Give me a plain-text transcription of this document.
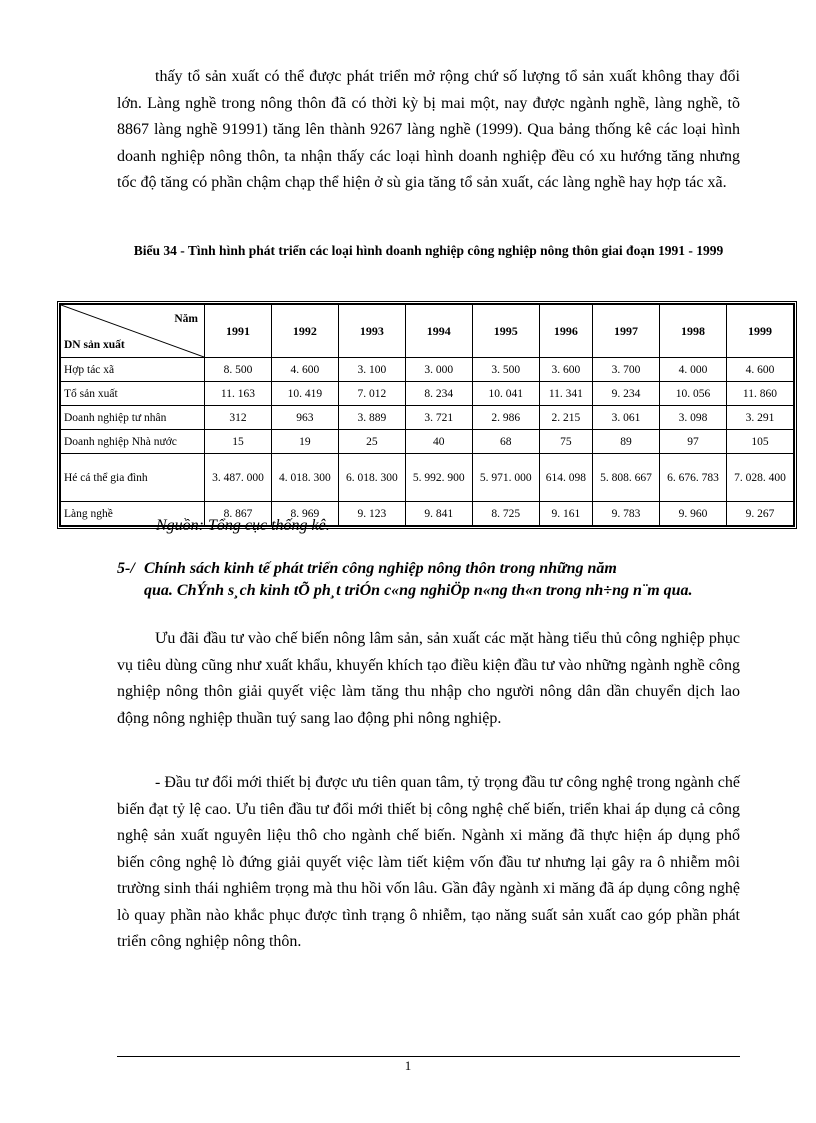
thấy tổ sản xuất có thể được phát triển mở rộng chứ số lượng tổ sản xuất không thay đổi lớn. Làng nghề trong nông thôn đã có thời kỳ bị mai một, nay được ngành nghề, làng nghề, tõ 8867 làng nghề 91991) tăng lên thành 9267 làng nghề (1999). Qua bảng thống kê các loại hình doanh nghiệp nông thôn, ta nhận thấy các loại hình doanh nghiệp đều có xu hướng tăng nhưng tốc độ tăng có phần chậm chạp thể hiện ở sù gia tăng tổ sản xuất, các làng nghề hay hợp tác xã.

Biểu 34 - Tình hình phát triển các loại hình doanh nghiệp công nghiệp nông thôn giai đoạn 1991 - 1999

Năm
DN sản xuất	1991	1992	1993	1994	1995	1996	1997	1998	1999
Hợp tác xã	8. 500	4. 600	3. 100	3. 000	3. 500	3. 600	3. 700	4. 000	4. 600
Tổ sản xuất	11. 163	10. 419	7. 012	8. 234	10. 041	11. 341	9. 234	10. 056	11. 860
Doanh nghiệp tư nhân	312	963	3. 889	3. 721	2. 986	2. 215	3. 061	3. 098	3. 291
Doanh nghiệp Nhà nước	15	19	25	40	68	75	89	97	105
Hé cá thể gia đình	3. 487. 000	4. 018. 300	6. 018. 300	5. 992. 900	5. 971. 000	614. 098	5. 808. 667	6. 676. 783	7. 028. 400
Làng nghề	8. 867	8. 969	9. 123	9. 841	8. 725	9. 161	9. 783	9. 960	9. 267

Nguồn: Tổng cục thống kê.

5-/ Chính sách kinh tế phát triển công nghiệp nông thôn trong những năm
qua. ChÝnh s¸ch kinh tÕ ph¸t triÓn c«ng nghiÖp n«ng th«n trong nh÷ng n¨m qua.

Ưu đãi đầu tư vào chế biến nông lâm sản, sản xuất các mặt hàng tiểu thủ công nghiệp phục vụ tiêu dùng cũng như xuất khẩu, khuyến khích tạo điều kiện đầu tư vào những ngành nghề công nghiệp nông thôn giải quyết việc làm tăng thu nhập cho người nông dân dần chuyển dịch lao động nông nghiệp thuần tuý sang lao động phi nông nghiệp.

- Đầu tư đổi mới thiết bị được ưu tiên quan tâm, tỷ trọng đầu tư công nghệ trong ngành chế biến đạt tỷ lệ cao. Ưu tiên đầu tư đổi mới thiết bị công nghệ chế biến, triển khai áp dụng cả công nghệ sản xuất nguyên liệu thô cho ngành chế biến. Ngành xi măng đã thực hiện áp dụng phổ biến công nghệ lò đứng giải quyết việc làm tiết kiệm vốn đầu tư nhưng lại gây ra ô nhiễm môi trường sinh thái nghiêm trọng mà thu hồi vốn lâu. Gần đây ngành xi măng đã áp dụng công nghệ lò quay phần nào khắc phục được tình trạng ô nhiễm, tạo năng suất sản xuất cao góp phần phát triển công nghiệp nông thôn.

1
